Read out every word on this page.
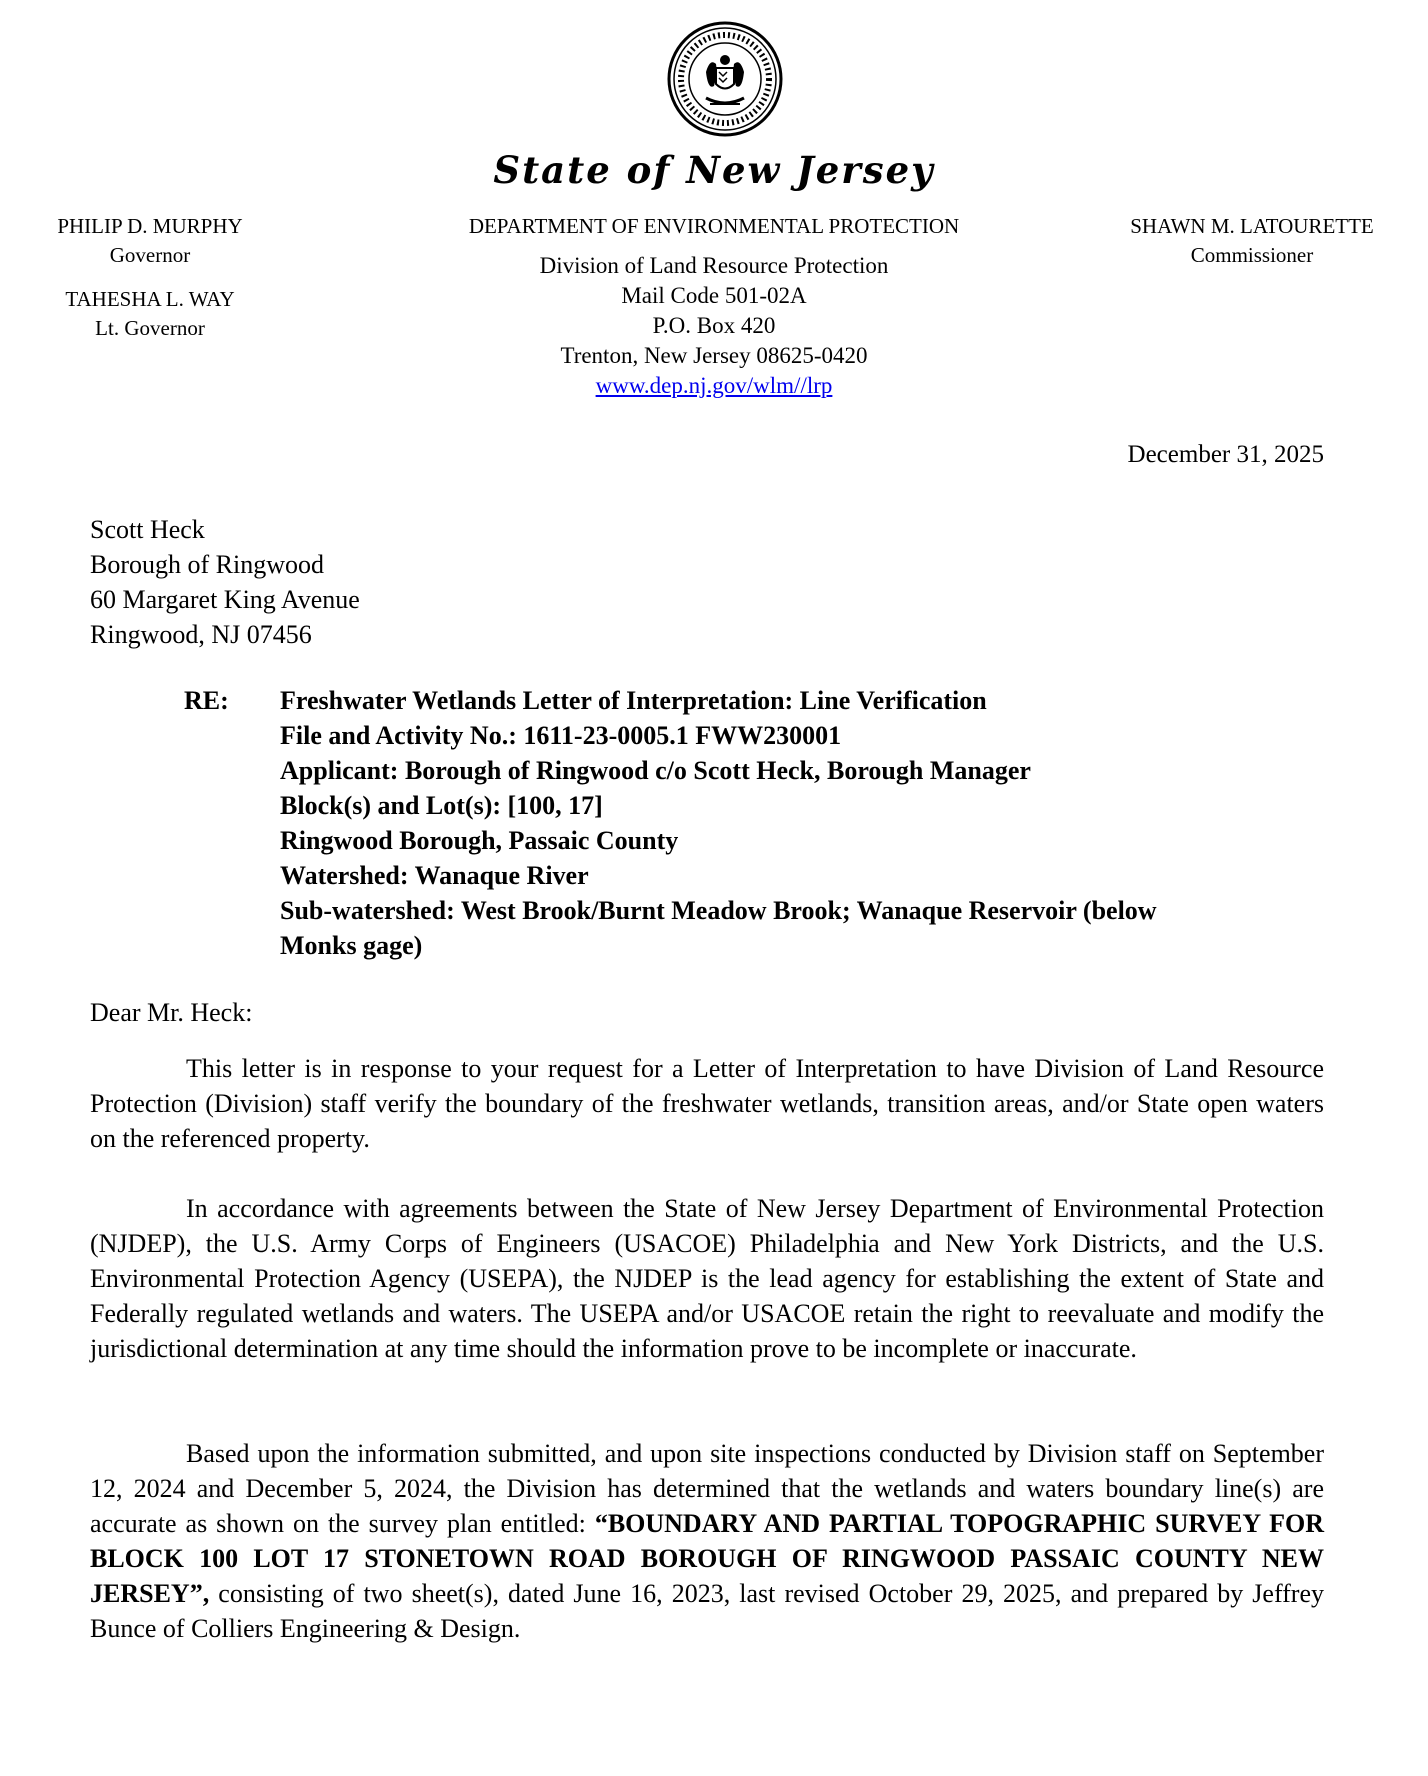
State of New Jersey
PHILIP D. MURPHY
Governor
TAHESHA L. WAY
Lt. Governor
DEPARTMENT OF ENVIRONMENTAL PROTECTION
Division of Land Resource Protection
Mail Code 501-02A
P.O. Box 420
Trenton, New Jersey 08625-0420
www.dep.nj.gov/wlm//lrp
SHAWN M. LATOURETTE
Commissioner
December 31, 2025
Scott Heck
Borough of Ringwood
60 Margaret King Avenue
Ringwood, NJ 07456
RE: Freshwater Wetlands Letter of Interpretation: Line Verification
File and Activity No.: 1611-23-0005.1 FWW230001
Applicant: Borough of Ringwood c/o Scott Heck, Borough Manager
Block(s) and Lot(s): [100, 17]
Ringwood Borough, Passaic County
Watershed: Wanaque River
Sub-watershed: West Brook/Burnt Meadow Brook; Wanaque Reservoir (below
Monks gage)
Dear Mr. Heck:

This letter is in response to your request for a Letter of Interpretation to have Division of Land Resource Protection (Division) staff verify the boundary of the freshwater wetlands, transition areas, and/or State open waters on the referenced property.

In accordance with agreements between the State of New Jersey Department of Environmental Protection (NJDEP), the U.S. Army Corps of Engineers (USACOE) Philadelphia and New York Districts, and the U.S. Environmental Protection Agency (USEPA), the NJDEP is the lead agency for establishing the extent of State and Federally regulated wetlands and waters. The USEPA and/or USACOE retain the right to reevaluate and modify the jurisdictional determination at any time should the information prove to be incomplete or inaccurate.

Based upon the information submitted, and upon site inspections conducted by Division staff on September 12, 2024 and December 5, 2024, the Division has determined that the wetlands and waters boundary line(s) are accurate as shown on the survey plan entitled: “BOUNDARY AND PARTIAL TOPOGRAPHIC SURVEY FOR BLOCK 100 LOT 17 STONETOWN ROAD BOROUGH OF RINGWOOD PASSAIC COUNTY NEW JERSEY”, consisting of two sheet(s), dated June 16, 2023, last revised October 29, 2025, and prepared by Jeffrey Bunce of Colliers Engineering & Design.
